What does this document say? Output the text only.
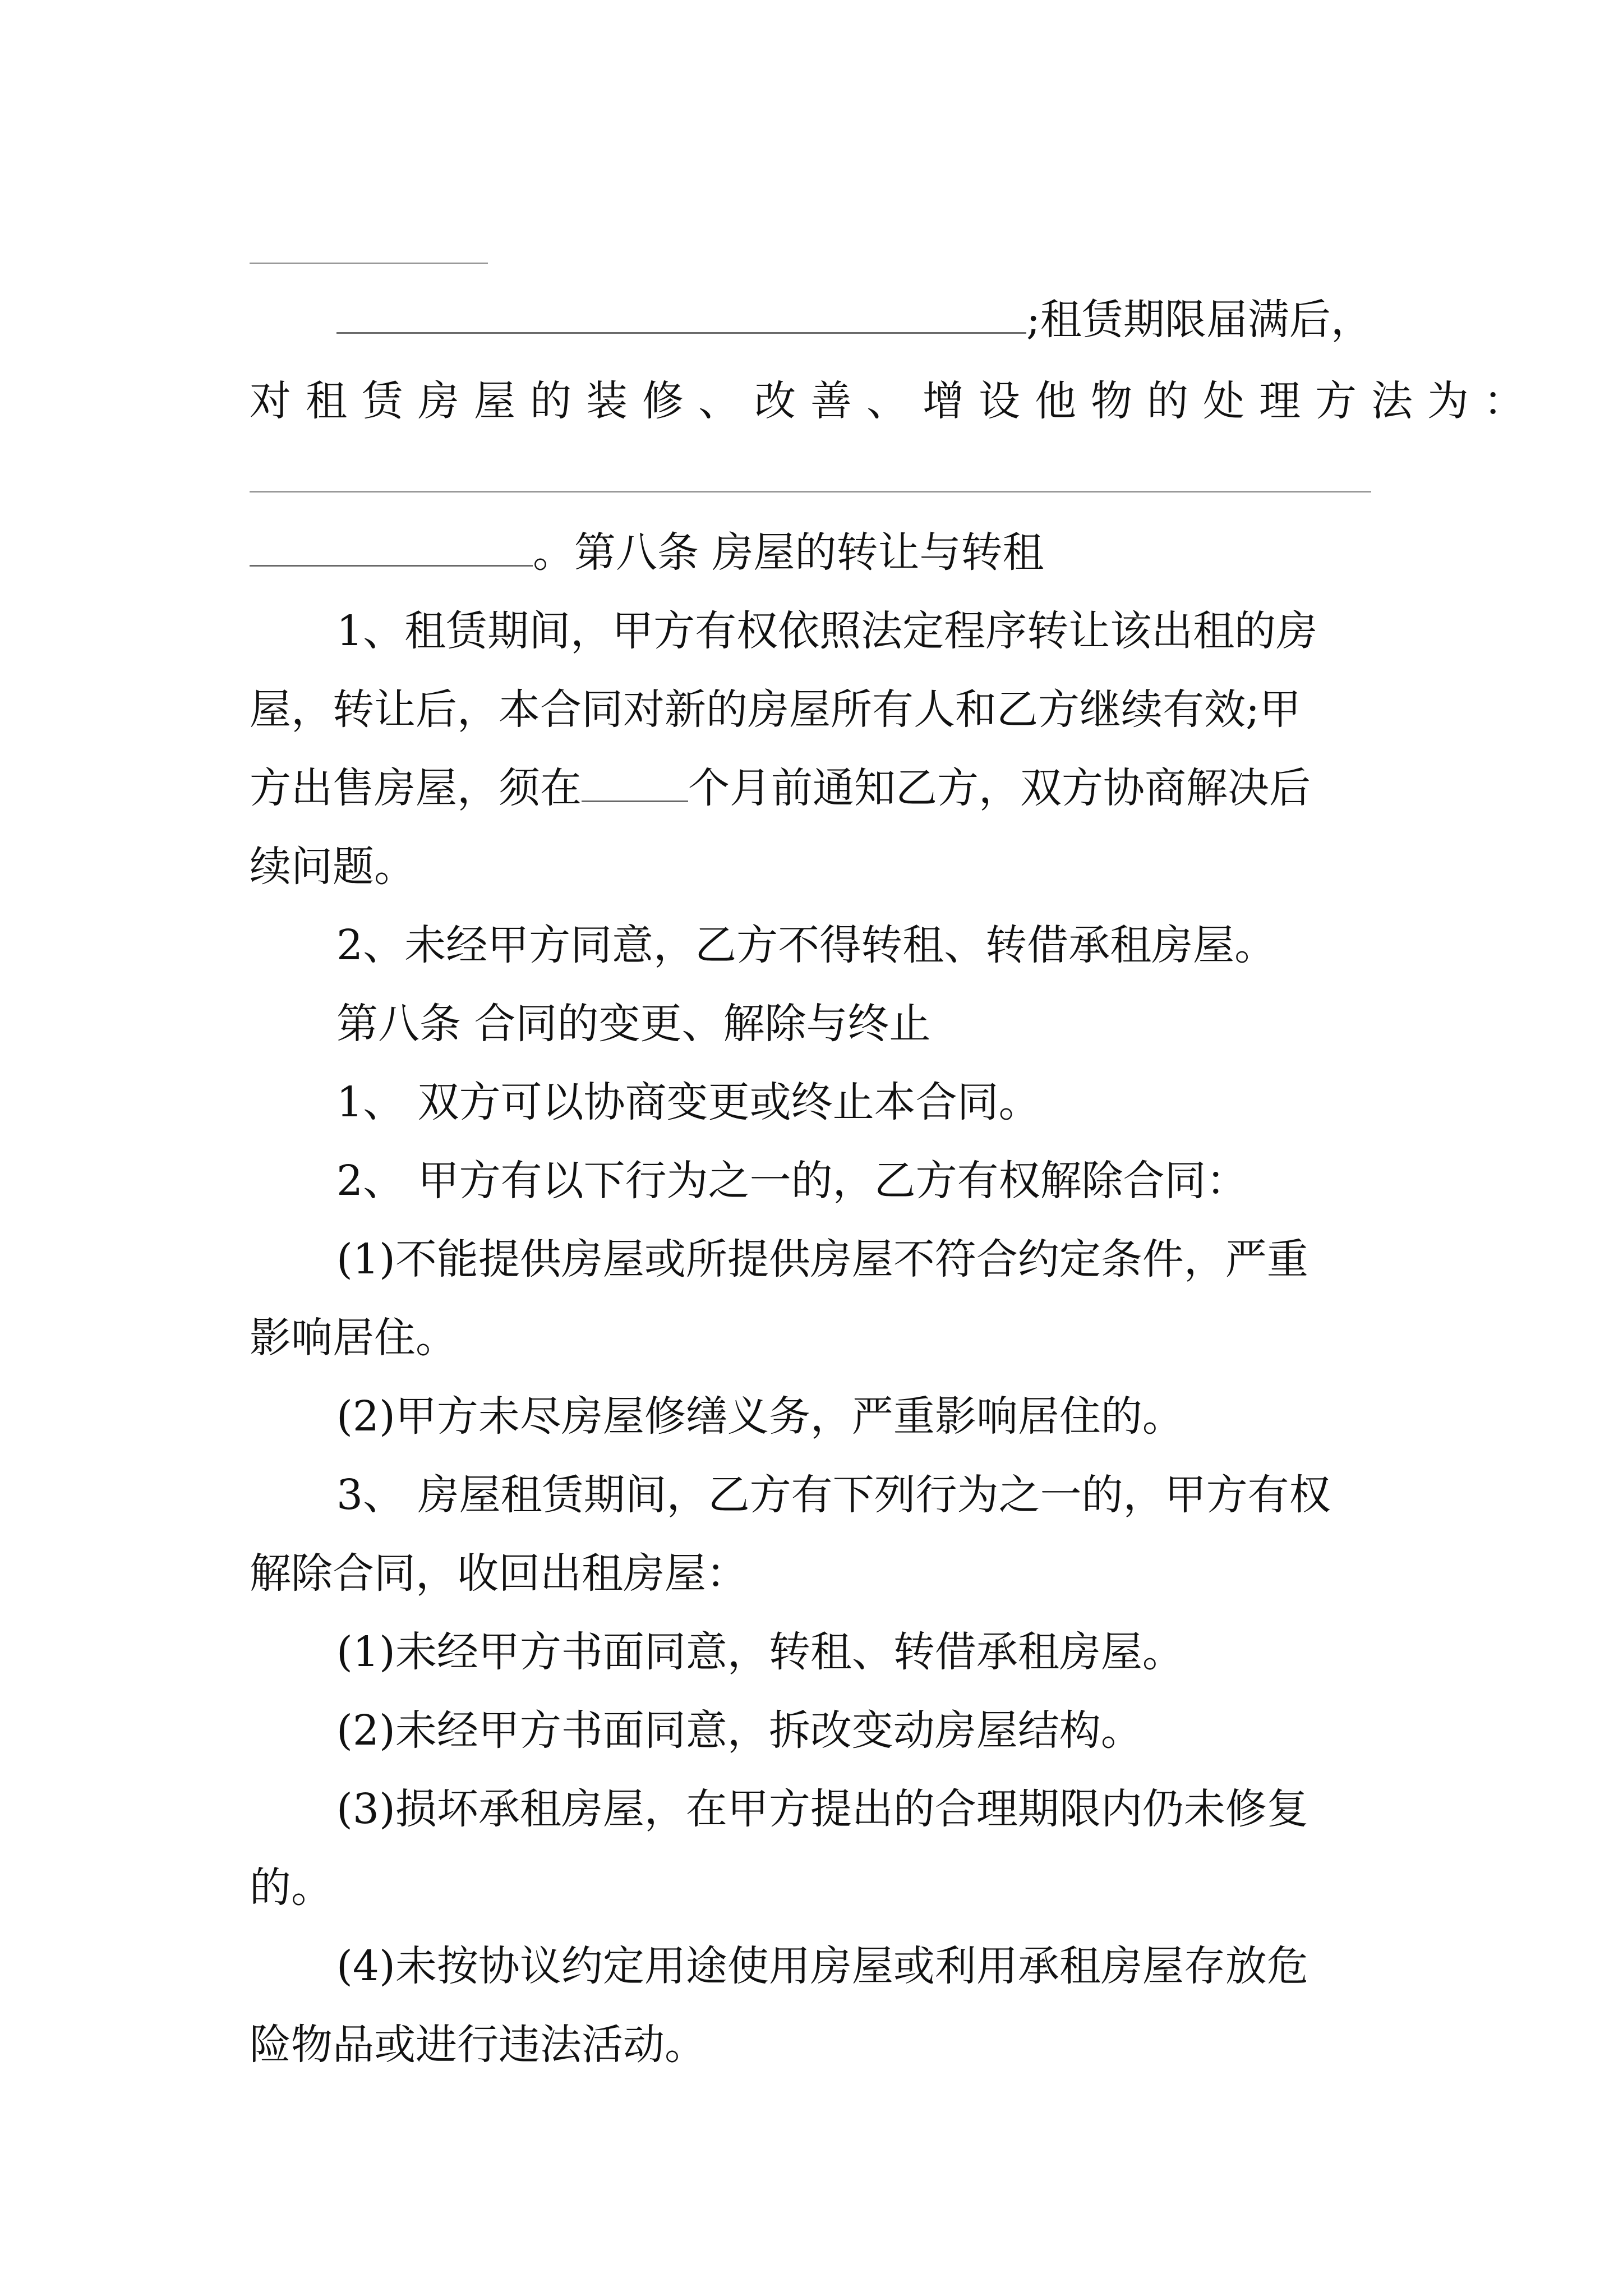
;租赁期限届满后，
对租赁房屋的装修、改善、增设他物的处理方法为：
。第八条 房屋的转让与转租
1、租赁期间，甲方有权依照法定程序转让该出租的房
屋，转让后，本合同对新的房屋所有人和乙方继续有效;甲
方出售房屋，须在	个月前通知乙方，双方协商解决后
续问题。
2、未经甲方同意，乙方不得转租、转借承租房屋。
第八条 合同的变更、解除与终止
1、 双方可以协商变更或终止本合同。
2、 甲方有以下行为之一的，乙方有权解除合同：
(1)不能提供房屋或所提供房屋不符合约定条件，严重
影响居住。
(2)甲方未尽房屋修缮义务，严重影响居住的。
3、 房屋租赁期间，乙方有下列行为之一的，甲方有权
解除合同，收回出租房屋：
(1)未经甲方书面同意，转租、转借承租房屋。
(2)未经甲方书面同意，拆改变动房屋结构。
(3)损坏承租房屋，在甲方提出的合理期限内仍未修复
的。
(4)未按协议约定用途使用房屋或利用承租房屋存放危
险物品或进行违法活动。
